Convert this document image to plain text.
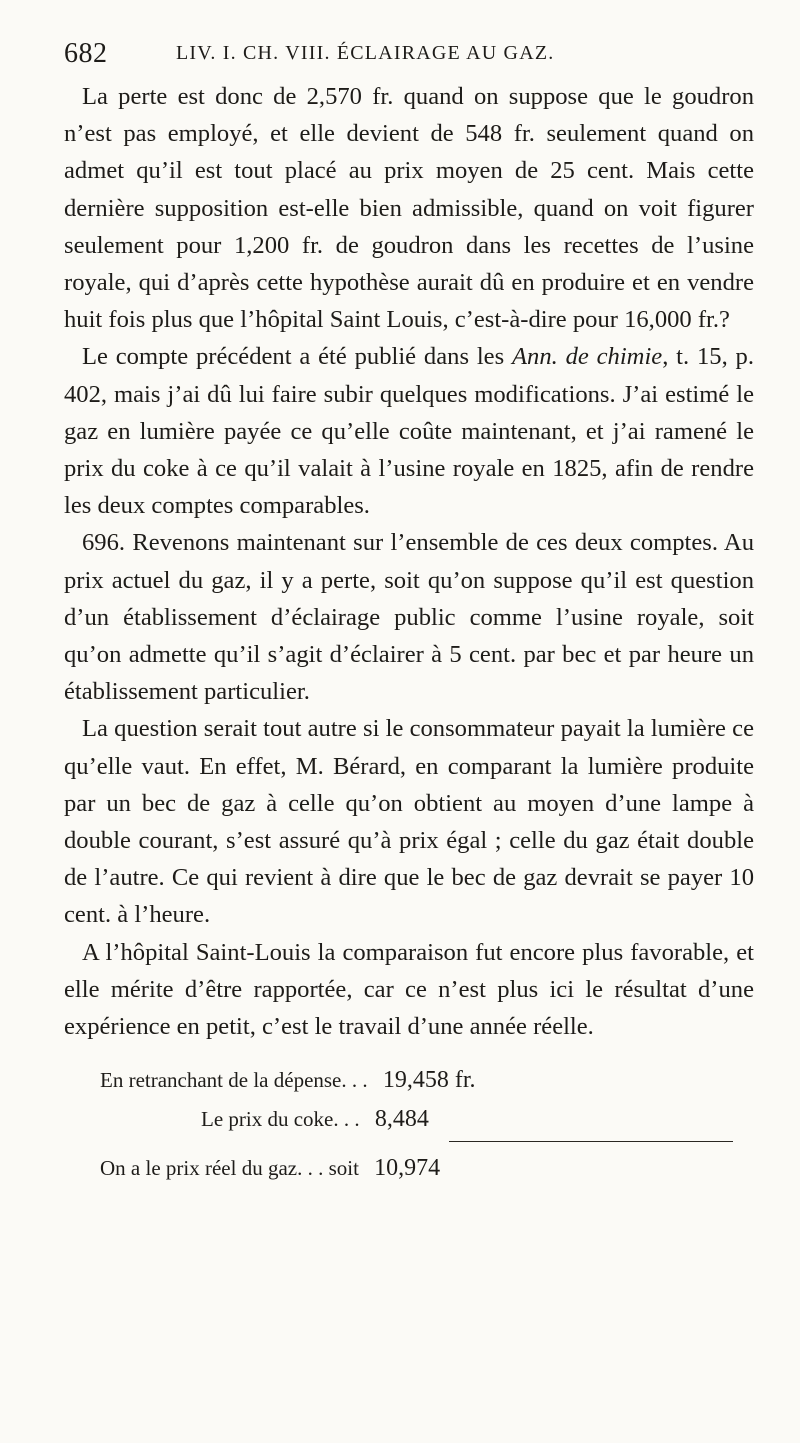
682	LIV. I. CH. VIII. ÉCLAIRAGE AU GAZ.

La perte est donc de 2,570 fr. quand on suppose que le goudron n’est pas employé, et elle devient de 548 fr. seulement quand on admet qu’il est tout placé au prix moyen de 25 cent. Mais cette dernière supposition est-elle bien admissible, quand on voit figurer seulement pour 1,200 fr. de goudron dans les recettes de l’usine royale, qui d’après cette hypothèse aurait dû en produire et en vendre huit fois plus que l’hôpital Saint Louis, c’est-à-dire pour 16,000 fr.?

Le compte précédent a été publié dans les Ann. de chimie, t. 15, p. 402, mais j’ai dû lui faire subir quelques modifications. J’ai estimé le gaz en lumière payée ce qu’elle coûte maintenant, et j’ai ramené le prix du coke à ce qu’il valait à l’usine royale en 1825, afin de rendre les deux comptes comparables.

696. Revenons maintenant sur l’ensemble de ces deux comptes. Au prix actuel du gaz, il y a perte, soit qu’on suppose qu’il est question d’un établissement d’éclairage public comme l’usine royale, soit qu’on admette qu’il s’agit d’éclairer à 5 cent. par bec et par heure un établissement particulier.

La question serait tout autre si le consommateur payait la lumière ce qu’elle vaut. En effet, M. Bérard, en comparant la lumière produite par un bec de gaz à celle qu’on obtient au moyen d’une lampe à double courant, s’est assuré qu’à prix égal ; celle du gaz était double de l’autre. Ce qui revient à dire que le bec de gaz devrait se payer 10 cent. à l’heure.

A l’hôpital Saint-Louis la comparaison fut encore plus favorable, et elle mérite d’être rapportée, car ce n’est plus ici le résultat d’une expérience en petit, c’est le travail d’une année réelle.

En retranchant de la dépense. . . 19,458 fr.
Le prix du coke. . . 8,484
On a le prix réel du gaz. . . soit 10,974
